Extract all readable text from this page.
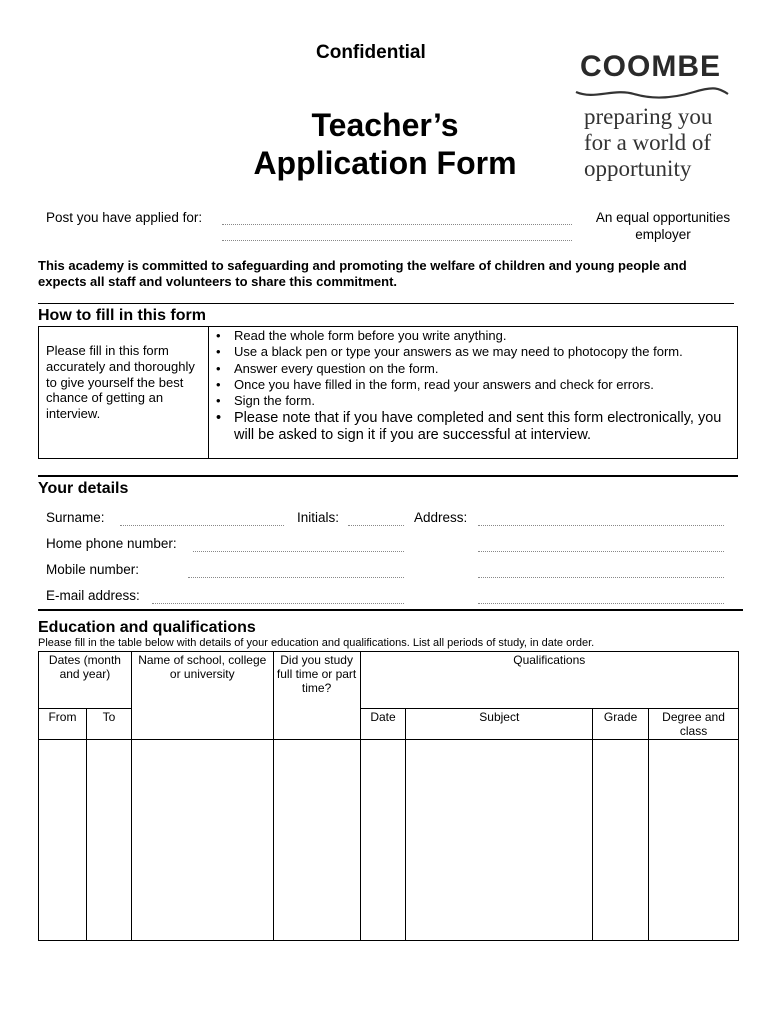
Confidential
Teacher’s
Application Form
COOMBE
preparing you
for a world of
opportunity
Post you have applied for:	An equal opportunities
employer
This academy is committed to safeguarding and promoting the welfare of children and young people and expects all staff and volunteers to share this commitment.
How to fill in this form
Please fill in this form accurately and thoroughly to give yourself the best chance of getting an interview.
• Read the whole form before you write anything.
• Use a black pen or type your answers as we may need to photocopy the form.
• Answer every question on the form.
• Once you have filled in the form, read your answers and check for errors.
• Sign the form.
• Please note that if you have completed and sent this form electronically, you will be asked to sign it if you are successful at interview.
Your details
Surname:	Initials:	Address:
Home phone number:
Mobile number:
E-mail address:
Education and qualifications
Please fill in the table below with details of your education and qualifications. List all periods of study, in date order.
Dates (month and year)		Name of school, college or university	Did you study full time or part time?	Qualifications			
From	To			Date	Subject	Grade	Degree and class
